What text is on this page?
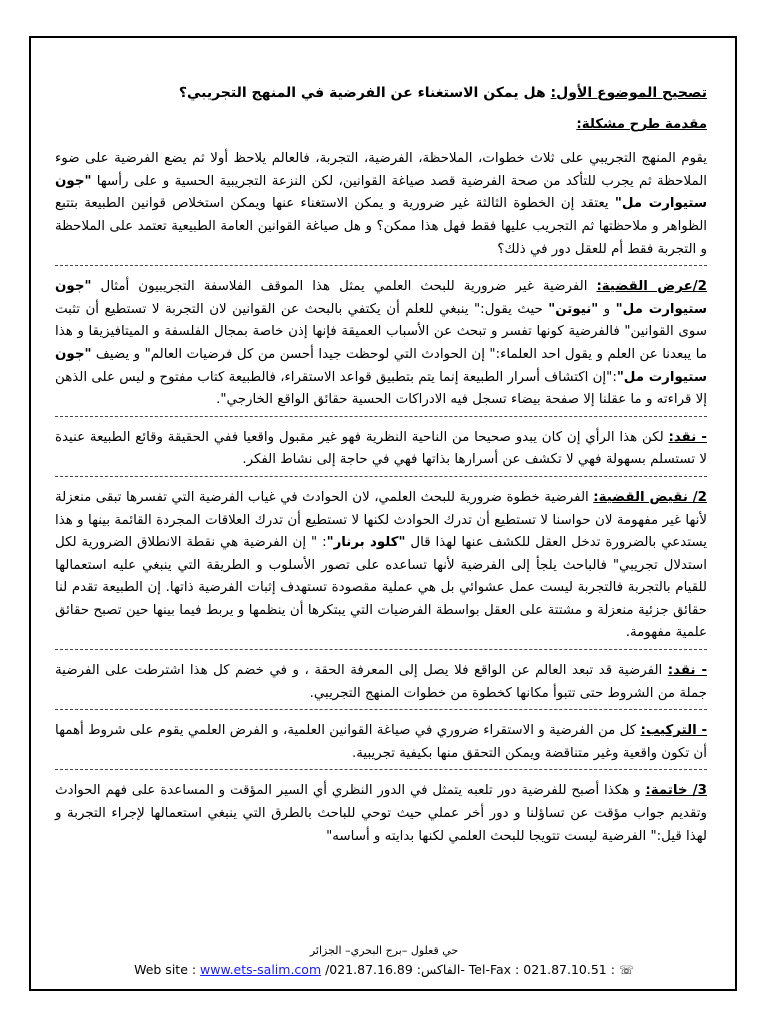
تصحيح الموضوع الأول: هل يمكن الاستغناء عن الفرضية في المنهج التجريبي؟

مقدمة طرح مشكلة:

يقوم المنهج التجريبي على ثلاث خطوات، الملاحظة، الفرضية، التجربة، فالعالم يلاحظ أولا ثم يضع الفرضية على ضوء الملاحظة ثم يجرب للتأكد من صحة الفرضية قصد صياغة القوانين، لكن النزعة التجريبية الحسية و على رأسها "جون ستيوارت مل" يعتقد إن الخطوة الثالثة غير ضرورية و يمكن الاستغناء عنها ويمكن استخلاص قوانين الطبيعة بتتبع الظواهر و ملاحظتها ثم التجريب عليها فقط فهل هذا ممكن؟ و هل صياغة القوانين العامة الطبيعية تعتمد على الملاحظة و التجربة فقط أم للعقل دور في ذلك؟

2/عرض القضية: الفرضية غير ضرورية للبحث العلمي يمثل هذا الموقف الفلاسفة التجريبيون أمثال "جون ستيوارت مل" و "نيوتن" حيث يقول:" ينبغي للعلم أن يكتفي بالبحث عن القوانين لان التجربة لا تستطيع أن تثبت سوى القوانين" فالفرضية كونها تفسر و تبحث عن الأسباب العميقة فإنها إذن خاصة بمجال الفلسفة و الميتافيزيقا و هذا ما يبعدنا عن العلم و يقول احد العلماء:" إن الحوادث التي لوحظت جيدا أحسن من كل فرضيات العالم" و يضيف "جون ستيوارت مل":"إن اكتشاف أسرار الطبيعة إنما يتم بتطبيق قواعد الاستقراء، فالطبيعة كتاب مفتوح و ليس على الذهن إلا قراءته و ما عقلنا إلا صفحة بيضاء تسجل فيه الادراكات الحسية حقائق الواقع الخارجي".

- نقد: لكن هذا الرأي إن كان يبدو صحيحا من الناحية النظرية فهو غير مقبول واقعيا ففي الحقيقة وقائع الطبيعة عنيدة لا تستسلم بسهولة فهي لا تكشف عن أسرارها بذاتها فهي في حاجة إلى نشاط الفكر.

2/ نقيض القضية: الفرضية خطوة ضرورية للبحث العلمي، لان الحوادث في غياب الفرضية التي تفسرها تبقى منعزلة لأنها غير مفهومة لان حواسنا لا تستطيع أن تدرك الحوادث لكنها لا تستطيع أن تدرك العلاقات المجردة القائمة بينها و هذا يستدعي بالضرورة تدخل العقل للكشف عنها لهذا قال "كلود برنار": " إن الفرضية هي نقطة الانطلاق الضرورية لكل استدلال تجريبي" فالباحث يلجأ إلى الفرضية لأنها تساعده على تصور الأسلوب و الطريقة التي ينبغي عليه استعمالها للقيام بالتجربة فالتجربة ليست عمل عشوائي بل هي عملية مقصودة تستهدف إثبات الفرضية ذاتها. إن الطبيعة تقدم لنا حقائق جزئية منعزلة و مشتتة على العقل بواسطة الفرضيات التي يبتكرها أن ينظمها و يربط فيما بينها حين تصبح حقائق علمية مفهومة.

- نقد: الفرضية قد تبعد العالم عن الواقع فلا يصل إلى المعرفة الحقة ، و في خضم كل هذا اشترطت على الفرضية جملة من الشروط حتى تتبوأ مكانها كخطوة من خطوات المنهج التجريبي.

- التركيب: كل من الفرضية و الاستقراء ضروري في صياغة القوانين العلمية، و الفرض العلمي يقوم على شروط أهمها أن تكون واقعية وغير متناقضة ويمكن التحقق منها بكيفية تجريبية.

3/ خاتمة: و هكذا أصبح للفرضية دور تلعبه يتمثل في الدور النظري أي السير المؤقت و المساعدة على فهم الحوادث وتقديم جواب مؤقت عن تساؤلنا و دور أخر عملي حيث توحي للباحث بالطرق التي ينبغي استعمالها لإجراء التجربة و لهذا قيل:" الفرضية ليست تتويجا للبحث العلمي لكنها بدايته و أساسه"

حي قعلول –برج البحري– الجزائر
Web site : www.ets-salim.com /021.87.16.89 :الفاكس- Tel-Fax : 021.87.10.51 : ☏
